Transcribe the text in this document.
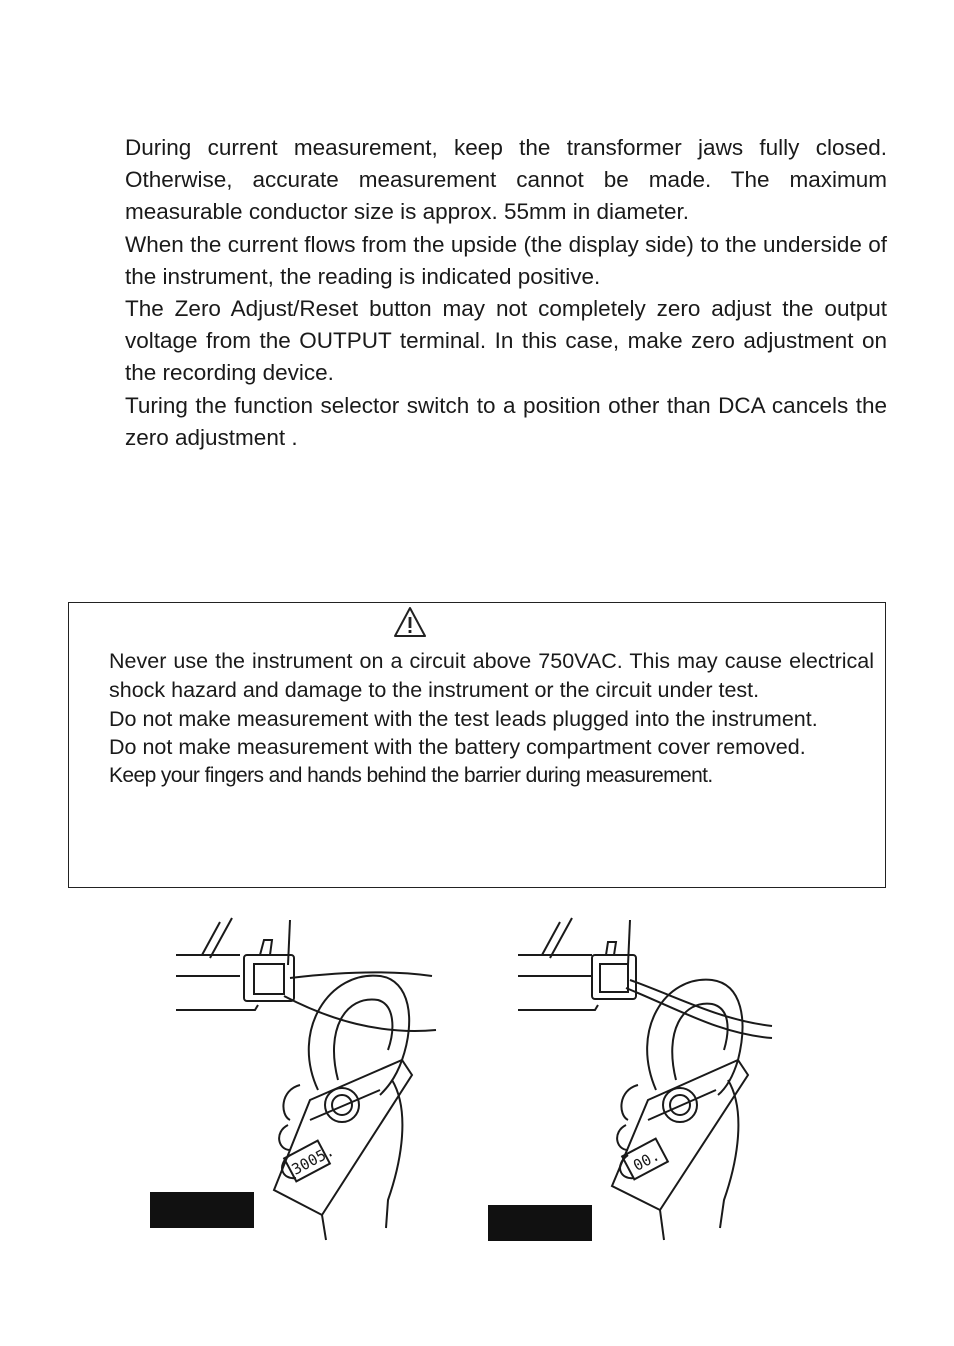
During current measurement, keep the transformer jaws fully closed. Otherwise, accurate measurement cannot be made. The maximum measurable conductor size is approx. 55mm in diameter.

When the current flows from the upside (the display side) to the underside of the instrument, the reading is indicated positive.

The Zero Adjust/Reset button may not completely zero adjust the output voltage from the OUTPUT terminal. In this case, make zero adjustment on the recording device.

Turing the function selector switch to a position other than DCA cancels the zero adjustment .

Never use the instrument on a circuit above 750VAC. This may cause electrical shock hazard and damage to the instrument or the circuit under test.

Do not make measurement with the test leads plugged into the instrument.

Do not make measurement with the battery compartment cover removed.

Keep your fingers and hands behind the barrier during measurement.

3005.	00.
